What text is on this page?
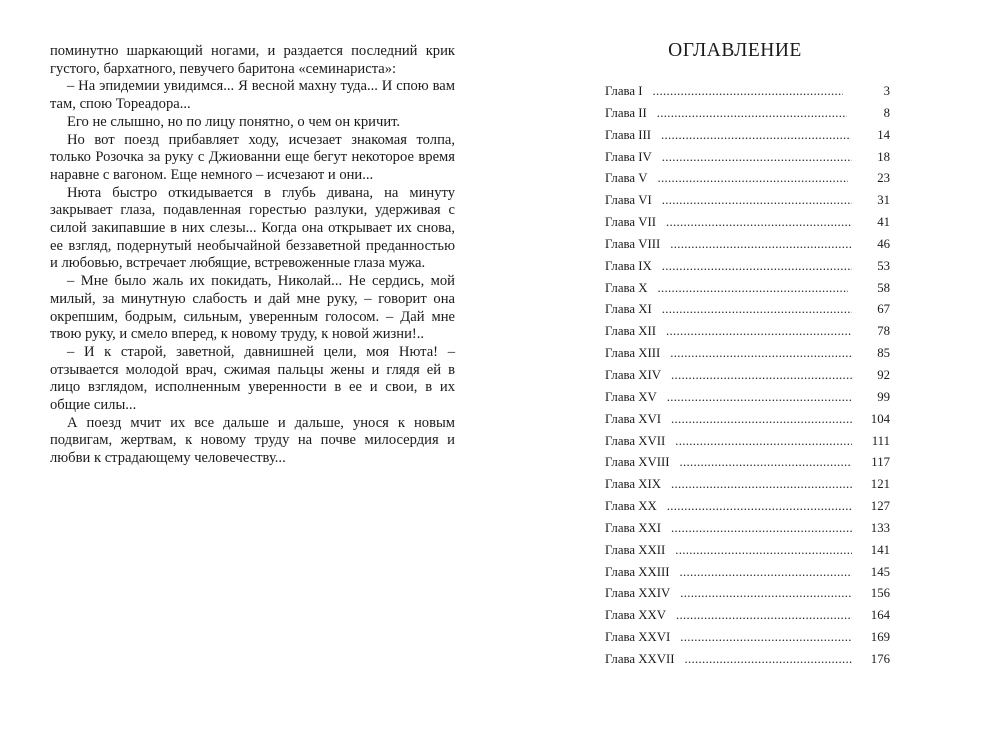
поминутно шаркающий ногами, и раздается последний крик густого, бархатного, певучего баритона «семинариста»:

– На эпидемии увидимся... Я весной махну туда... И спою вам там, спою Тореадора...

Его не слышно, но по лицу понятно, о чем он кричит.

Но вот поезд прибавляет ходу, исчезает знакомая толпа, только Розочка за руку с Джиованни еще бегут некоторое время наравне с вагоном. Еще немного – исчезают и они...

Нюта быстро откидывается в глубь дивана, на минуту закрывает глаза, подавленная горестью разлуки, удерживая с силой закипавшие в них слезы... Когда она открывает их снова, ее взгляд, подернутый необычайной беззаветной преданностью и любовью, встречает любящие, встревоженные глаза мужа.

– Мне было жаль их покидать, Николай... Не сердись, мой милый, за минутную слабость и дай мне руку, – говорит она окрепшим, бодрым, сильным, уверенным голосом. – Дай мне твою руку, и смело вперед, к новому труду, к новой жизни!..

– И к старой, заветной, давнишней цели, моя Нюта! – отзывается молодой врач, сжимая пальцы жены и глядя ей в лицо взглядом, исполненным уверенности в ее и свои, в их общие силы...

А поезд мчит их все дальше и дальше, унося к новым подвигам, жертвам, к новому труду на почве милосердия и любви к страдающему человечеству...

ОГЛАВЛЕНИЕ
Глава I .....	3
Глава II .....	8
Глава III .....	14
Глава IV .....	18
Глава V .....	23
Глава VI .....	31
Глава VII .....	41
Глава VIII .....	46
Глава IX .....	53
Глава X .....	58
Глава XI .....	67
Глава XII .....	78
Глава XIII .....	85
Глава XIV .....	92
Глава XV .....	99
Глава XVI .....	104
Глава XVII .....	111
Глава XVIII .....	117
Глава XIX .....	121
Глава XX .....	127
Глава XXI .....	133
Глава XXII .....	141
Глава XXIII .....	145
Глава XXIV .....	156
Глава XXV .....	164
Глава XXVI .....	169
Глава XXVII .....	176
